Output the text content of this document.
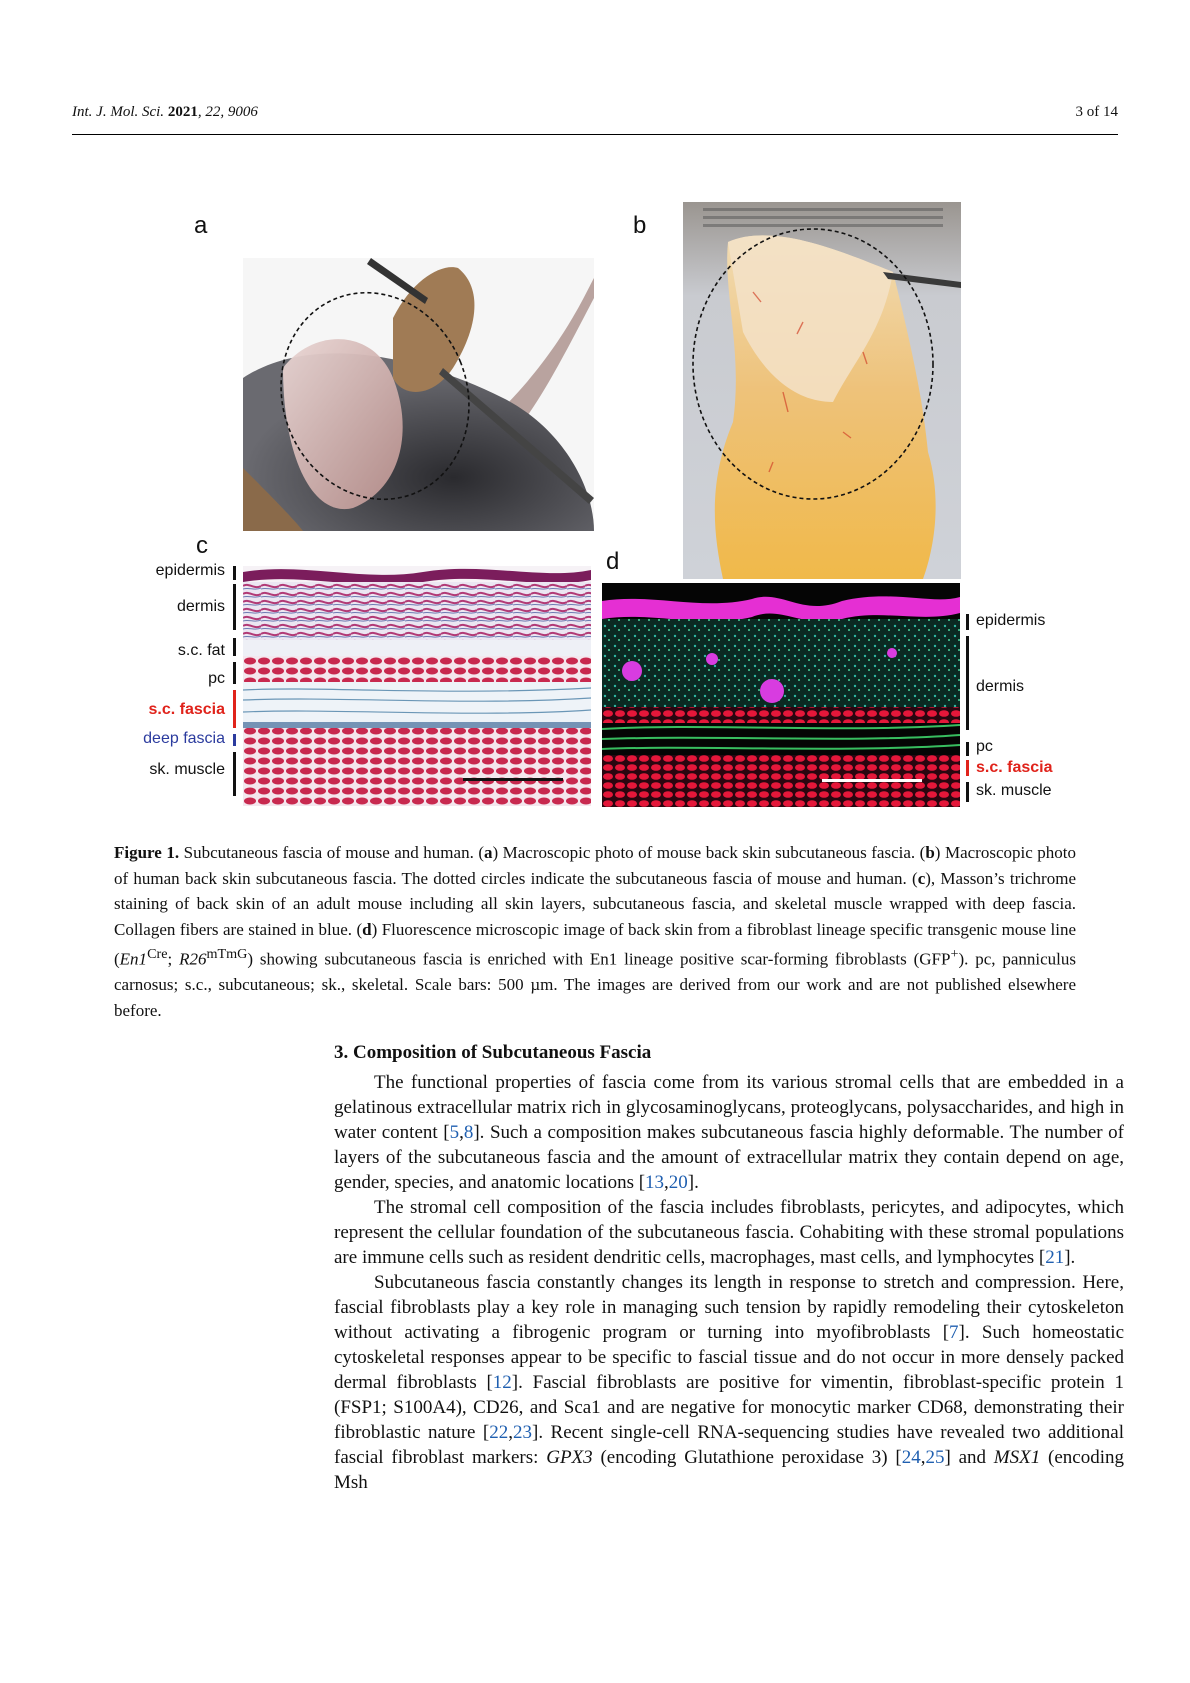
Int. J. Mol. Sci. 2021, 22, 9006	3 of 14
a	b
c
d
epidermis
dermis
s.c. fat
pc
s.c. fascia
deep fascia
sk. muscle
epidermis
dermis
pc
s.c. fascia
sk. muscle
Figure 1. Subcutaneous fascia of mouse and human. (a) Macroscopic photo of mouse back skin subcutaneous fascia. (b) Macroscopic photo of human back skin subcutaneous fascia. The dotted circles indicate the subcutaneous fascia of mouse and human. (c), Masson’s trichrome staining of back skin of an adult mouse including all skin layers, subcutaneous fascia, and skeletal muscle wrapped with deep fascia. Collagen fibers are stained in blue. (d) Fluorescence microscopic image of back skin from a fibroblast lineage specific transgenic mouse line ($En1^{Cre}$; $R26^{mTmG}$) showing subcutaneous fascia is enriched with En1 lineage positive scar-forming fibroblasts (GFP+). pc, panniculus carnosus; s.c., subcutaneous; sk., skeletal. Scale bars: 500 µm. The images are derived from our work and are not published elsewhere before.
3. Composition of Subcutaneous Fascia

The functional properties of fascia come from its various stromal cells that are embedded in a gelatinous extracellular matrix rich in glycosaminoglycans, proteoglycans, polysaccharides, and high in water content [5,8]. Such a composition makes subcutaneous fascia highly deformable. The number of layers of the subcutaneous fascia and the amount of extracellular matrix they contain depend on age, gender, species, and anatomic locations [13,20].

The stromal cell composition of the fascia includes fibroblasts, pericytes, and adipocytes, which represent the cellular foundation of the subcutaneous fascia. Cohabiting with these stromal populations are immune cells such as resident dendritic cells, macrophages, mast cells, and lymphocytes [21].

Subcutaneous fascia constantly changes its length in response to stretch and compression. Here, fascial fibroblasts play a key role in managing such tension by rapidly remodeling their cytoskeleton without activating a fibrogenic program or turning into myofibroblasts [7]. Such homeostatic cytoskeletal responses appear to be specific to fascial tissue and do not occur in more densely packed dermal fibroblasts [12]. Fascial fibroblasts are positive for vimentin, fibroblast-specific protein 1 (FSP1; S100A4), CD26, and Sca1 and are negative for monocytic marker CD68, demonstrating their fibroblastic nature [22,23]. Recent single-cell RNA-sequencing studies have revealed two additional fascial fibroblast markers: GPX3 (encoding Glutathione peroxidase 3) [24,25] and MSX1 (encoding Msh
